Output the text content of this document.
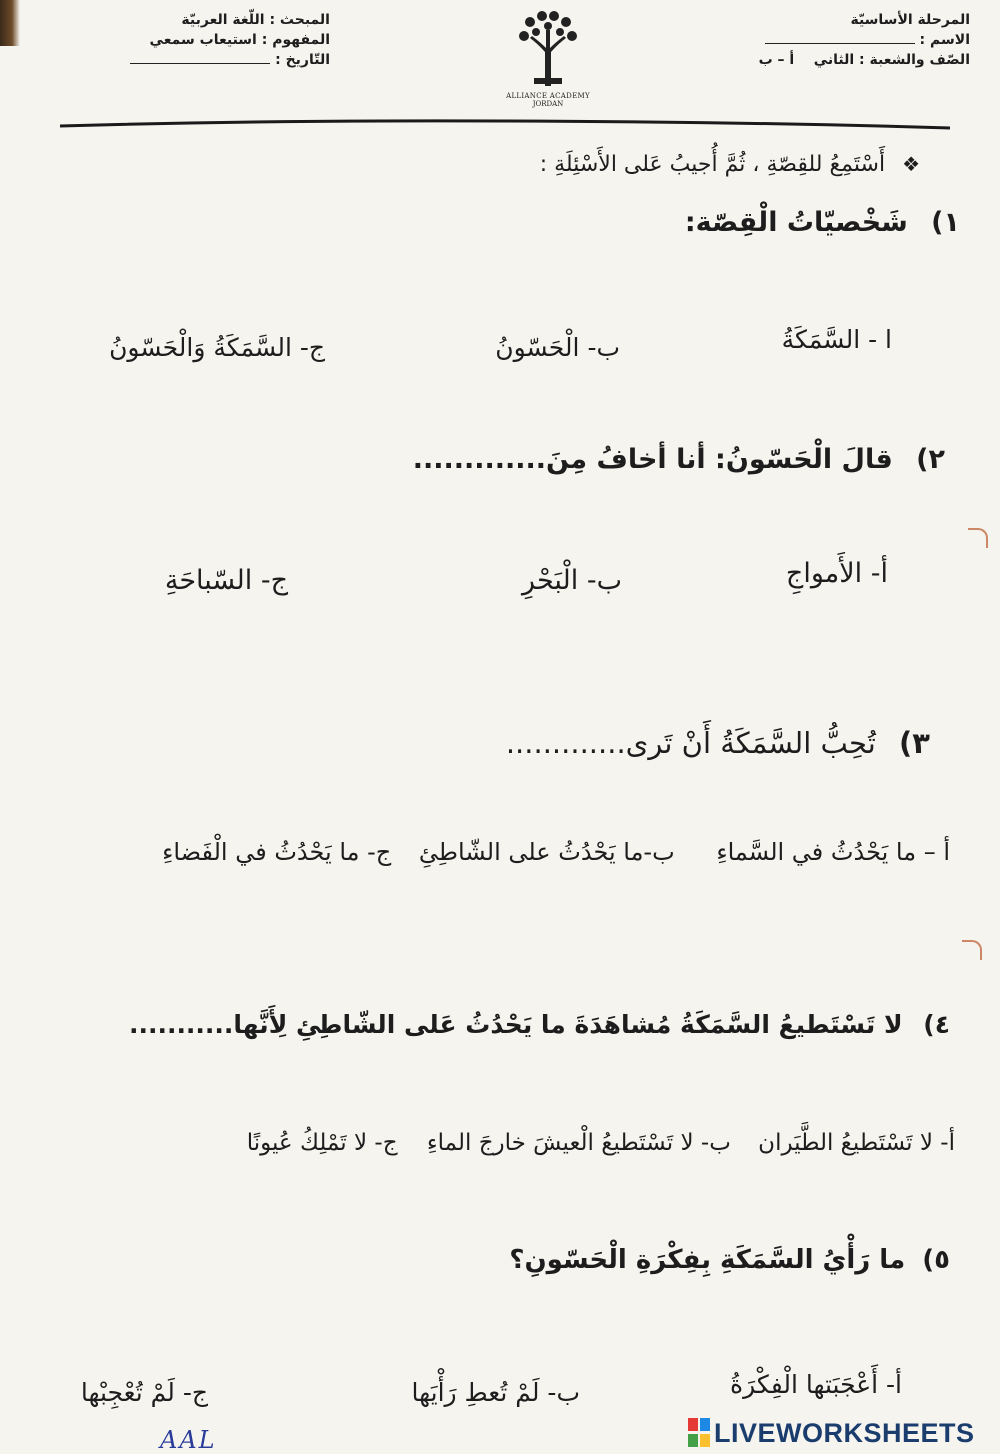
المرحلة الأساسيّة
الاسم :
الصّف والشعبة : الثاني    أ – ب
ALLIANCE ACADEMY
JORDAN
المبحث : اللّغة العربيّة
المفهوم : استيعاب سمعي
التّاريخ :
❖ أَسْتَمِعُ للقِصّةِ ، ثُمَّ أُجيبُ عَلى الأَسْئِلَةِ :
١) شَخْصيّاتُ الْقِصّة:
ا - السَّمَكَةُ
ب- الْحَسّونُ
ج- السَّمَكَةُ وَالْحَسّونُ
٢) قالَ الْحَسّونُ: أنا أخافُ مِنَ.............
أ- الأَمواجِ
ب- الْبَحْرِ
ج- السّباحَةِ
٣) تُحِبُّ السَّمَكَةُ أَنْ تَرى.............
أ – ما يَحْدُثُ في السَّماءِ ب-ما يَحْدُثُ على الشّاطِئِ ج- ما يَحْدُثُ في الْفَضاءِ
٤) لا تَسْتَطيعُ السَّمَكَةُ مُشاهَدَةَ ما يَحْدُثُ عَلى الشّاطِئِ لِأَنَّها...........
أ- لا تَسْتَطيعُ الطَّيَران ب- لا تَسْتَطيعُ الْعيشَ خارجَ الماءِ ج- لا تَمْلِكُ عُيونًا
٥) ما رَأْيُ السَّمَكَةِ بِفِكْرَةِ الْحَسّونِ؟
أ- أَعْجَبَتها الْفِكْرَةُ
ب- لَمْ تُعطِ رَأْيَها
ج- لَمْ تُعْجِبْها
AAL	LIVEWORKSHEETS
